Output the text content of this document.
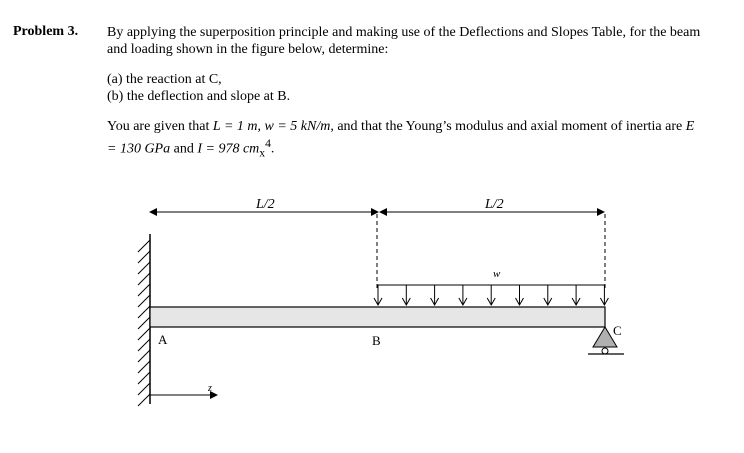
Problem 3. By applying the superposition principle and making use of the Deflections and Slopes Table, for the beam and loading shown in the figure below, determine:

(a) the reaction at C,

(b) the deflection and slope at B.

You are given that L = 1 m, w = 5 kN/m, and that the Young’s modulus and axial moment of inertia are E = 130 GPa and I = 978 $cm_x^4$.

L/2	L/2
w
A	B
C
z
